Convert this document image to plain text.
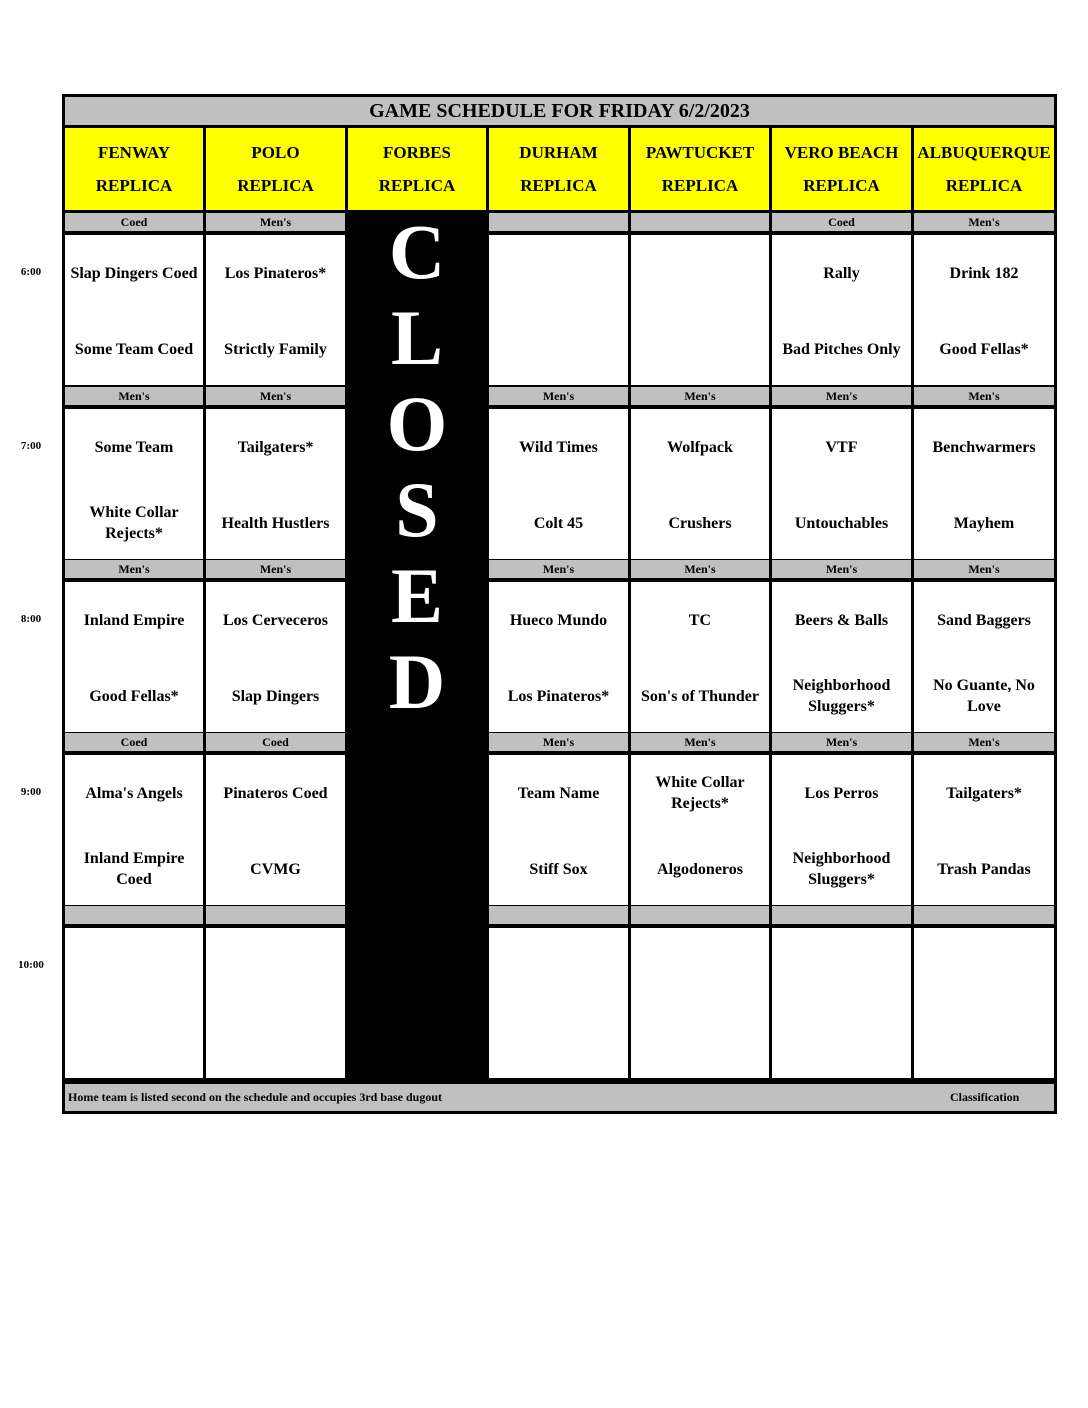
GAME SCHEDULE FOR FRIDAY 6/2/2023
Home team is listed second on the schedule and occupies 3rd base dugout	Classification
FENWAY
REPLICA
POLO
REPLICA
FORBES
REPLICA
DURHAM
REPLICA
PAWTUCKET
REPLICA
VERO BEACH
REPLICA
ALBUQUERQUE
REPLICA
Coed
Slap Dingers Coed
Some Team Coed
Men's
Los Pinateros*
Strictly Family
Coed
Rally
Bad Pitches Only
Men's
Drink 182
Good Fellas*
Men's
Some Team
White Collar Rejects*
Men's
Tailgaters*
Health Hustlers
Men's
Wild Times
Colt 45
Men's
Wolfpack
Crushers
Men's
VTF
Untouchables
Men's
Benchwarmers
Mayhem
Men's
Inland Empire
Good Fellas*
Men's
Los Cerveceros
Slap Dingers
Men's
Hueco Mundo
Los Pinateros*
Men's
TC
Son's of Thunder
Men's
Beers & Balls
Neighborhood Sluggers*
Men's
Sand Baggers
No Guante, No Love
Coed
Alma's Angels
Inland Empire Coed
Coed
Pinateros Coed
CVMG
Men's
Team Name
Stiff Sox
Men's
White Collar Rejects*
Algodoneros
Men's
Los Perros
Neighborhood Sluggers*
Men's
Tailgaters*
Trash Pandas
C
L
O
S
E
D
6:00
7:00
8:00
9:00
10:00
